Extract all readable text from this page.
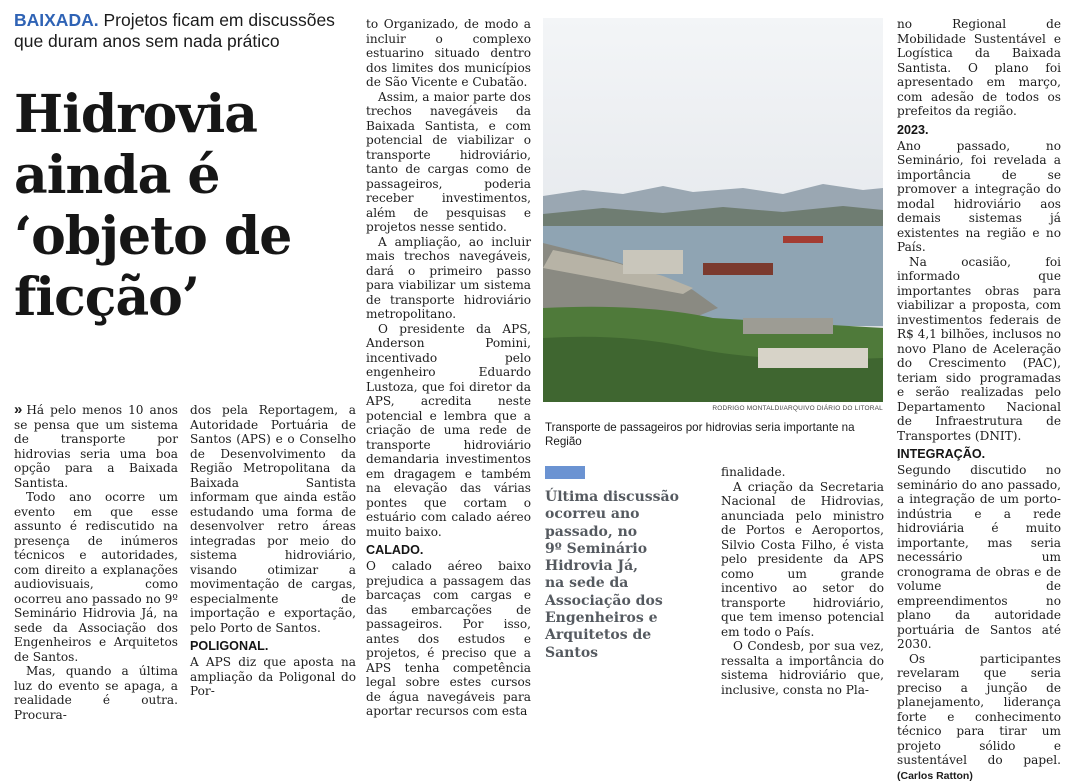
BAIXADA. Projetos ficam em discussões que duram anos sem nada prático
Hidrovia
ainda é
‘objeto de
ficção’

» Há pelo menos 10 anos se pensa que um sistema de transporte por hidrovias seria uma boa opção para a Baixada Santista.

Todo ano ocorre um evento em que esse assunto é rediscutido na presença de inúmeros técnicos e autoridades, com direito a explanações audiovisuais, como ocorreu ano passado no 9º Seminário Hidrovia Já, na sede da Associação dos Engenheiros e Arquitetos de Santos.

Mas, quando a última luz do evento se apaga, a realidade é outra. Procura-

dos pela Reportagem, a Autoridade Portuária de Santos (APS) e o Conselho de Desenvolvimento da Região Metropolitana da Baixada Santista informam que ainda estão estudando uma forma de desenvolver retro áreas integradas por meio do sistema hidroviário, visando otimizar a movimentação de cargas, especialmente de importação e exportação, pelo Porto de Santos.

POLIGONAL.

A APS diz que aposta na ampliação da Poligonal do Por-

to Organizado, de modo a incluir o complexo estuarino situado dentro dos limites dos municípios de São Vicente e Cubatão.

Assim, a maior parte dos trechos navegáveis da Baixada Santista, e com potencial de viabilizar o transporte hidroviário, tanto de cargas como de passageiros, poderia receber investimentos, além de pesquisas e projetos nesse sentido.

A ampliação, ao incluir mais trechos navegáveis, dará o primeiro passo para viabilizar um sistema de transporte hidroviário metropolitano.

O presidente da APS, Anderson Pomini, incentivado pelo engenheiro Eduardo Lustoza, que foi diretor da APS, acredita neste potencial e lembra que a criação de uma rede de transporte hidroviário demandaria investimentos em dragagem e também na elevação das várias pontes que cortam o estuário com calado aéreo muito baixo.

CALADO.

O calado aéreo baixo prejudica a passagem das barcaças com cargas e das embarcações de passageiros. Por isso, antes dos estudos e projetos, é preciso que a APS tenha competência legal sobre estes cursos de água navegáveis para aportar recursos com esta

RODRIGO MONTALDI/ARQUIVO DIÁRIO DO LITORAL
Transporte de passageiros por hidrovias seria importante na Região
Última discussão
ocorreu ano
passado, no
9º Seminário
Hidrovia Já,
na sede da
Associação dos
Engenheiros e
Arquitetos de
Santos

finalidade.

A criação da Secretaria Nacional de Hidrovias, anunciada pelo ministro de Portos e Aeroportos, Silvio Costa Filho, é vista pelo presidente da APS como um grande incentivo ao setor do transporte hidroviário, que tem imenso potencial em todo o País.

O Condesb, por sua vez, ressalta a importância do sistema hidroviário que, inclusive, consta no Pla-

no Regional de Mobilidade Sustentável e Logística da Baixada Santista. O plano foi apresentado em março, com adesão de todos os prefeitos da região.

2023.

Ano passado, no Seminário, foi revelada a importância de se promover a integração do modal hidroviário aos demais sistemas já existentes na região e no País.

Na ocasião, foi informado que importantes obras para viabilizar a proposta, com investimentos federais de R$ 4,1 bilhões, inclusos no novo Plano de Aceleração do Crescimento (PAC), teriam sido programadas e serão realizadas pelo Departamento Nacional de Infraestrutura de Transportes (DNIT).

INTEGRAÇÃO.

Segundo discutido no seminário do ano passado, a integração de um porto-indústria e a rede hidroviária é muito importante, mas seria necessário um cronograma de obras e de volume de empreendimentos no plano da autoridade portuária de Santos até 2030.

Os participantes revelaram que seria preciso a junção de planejamento, liderança forte e conhecimento técnico para tirar um projeto sólido e sustentável do papel. (Carlos Ratton)
